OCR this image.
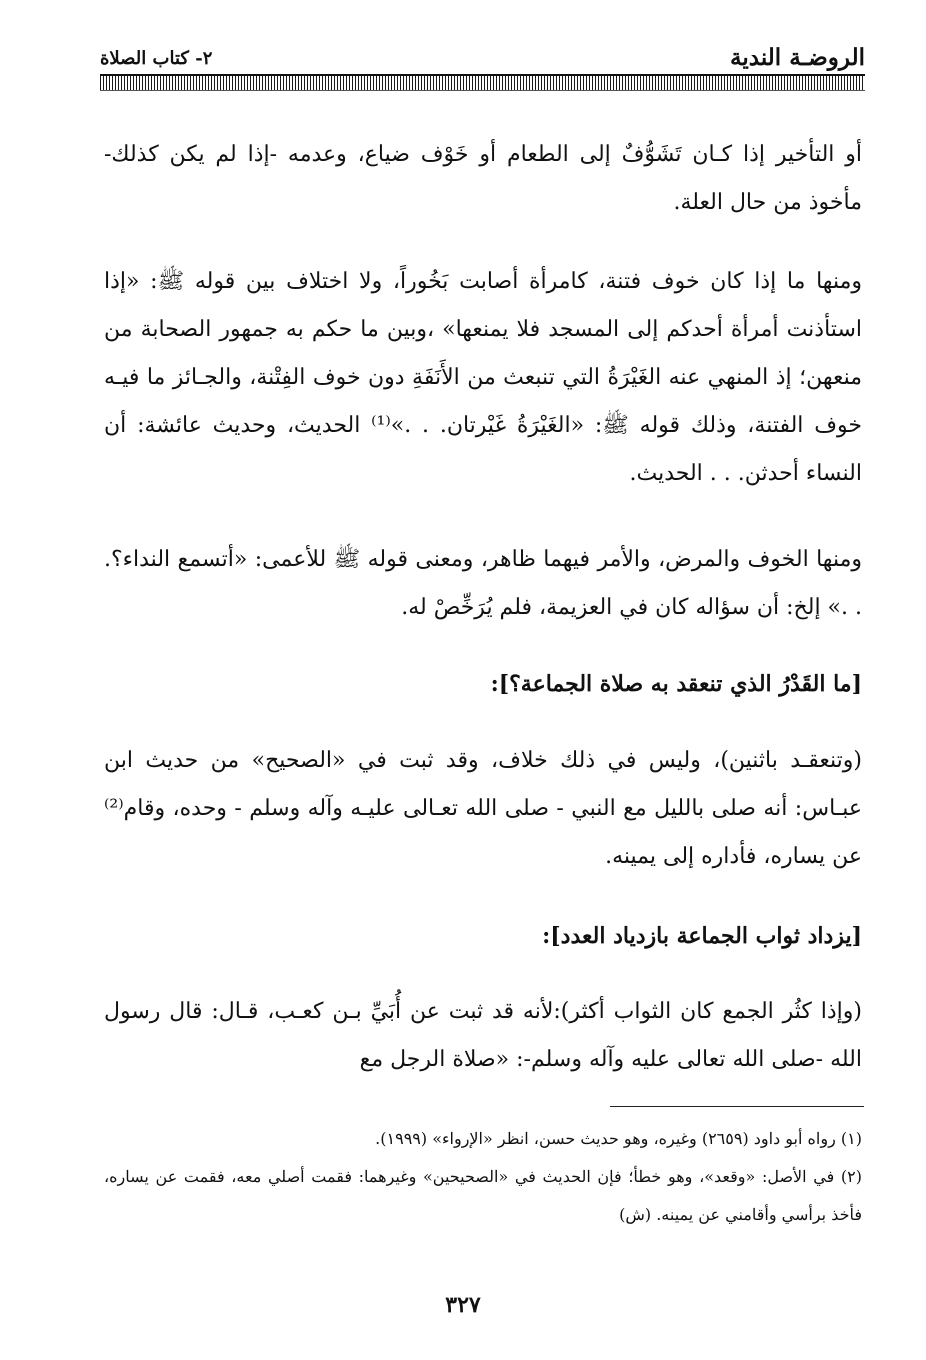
الروضـة الندية
٢- كتاب الصلاة

أو التأخير إذا كـان تَشَوُّفٌ إلى الطعام أو خَوْف ضياع، وعدمه -إذا لم يكن كذلك- مأخوذ من حال العلة.

ومنها ما إذا كان خوف فتنة، كامرأة أصابت بَخُوراً، ولا اختلاف بين قوله ﷺ: «إذا استأذنت أمرأة أحدكم إلى المسجد فلا يمنعها» ،وبين ما حكم به جمهور الصحابة من منعهن؛ إذ المنهي عنه الغَيْرَةُ التي تنبعث من الأَنَفَةِ دون خوف الفِتْنة، والجـائز ما فيـه خوف الفتنة، وذلك قوله ﷺ: «الغَيْرَةُ غَيْرتان. . .»⁽¹⁾ الحديث، وحديث عائشة: أن النساء أحدثن. . . الحديث.

ومنها الخوف والمرض، والأمر فيهما ظاهر، ومعنى قوله ﷺ للأعمى: «أتسمع النداء؟. . .» إلخ: أن سؤاله كان في العزيمة، فلم يُرَخِّصْ له.

[ما القَدْرُ الذي تنعقد به صلاة الجماعة؟]:

(وتنعقـد باثنين)، وليس في ذلك خلاف، وقد ثبت في «الصحيح» من حديث ابن عبـاس: أنه صلى بالليل مع النبي - صلى الله تعـالى عليـه وآله وسلم - وحده، وقام⁽²⁾ عن يساره، فأداره إلى يمينه.

[يزداد ثواب الجماعة بازدياد العدد]:

(وإذا كثُر الجمع كان الثواب أكثر):لأنه قد ثبت عن أُبَيِّ بـن كعـب، قـال: قال رسول الله -صلى الله تعالى عليه وآله وسلم-: «صلاة الرجل مع

(١) رواه أبو داود (٢٦٥٩) وغيره، وهو حديث حسن، انظر «الإرواء» (١٩٩٩).

(٢) في الأصل: «وقعد»، وهو خطأ؛ فإن الحديث في «الصحيحين» وغيرهما: فقمت أصلي معه، فقمت عن يساره، فأخذ برأسي وأقامني عن يمينه. (ش)

٣٢٧
